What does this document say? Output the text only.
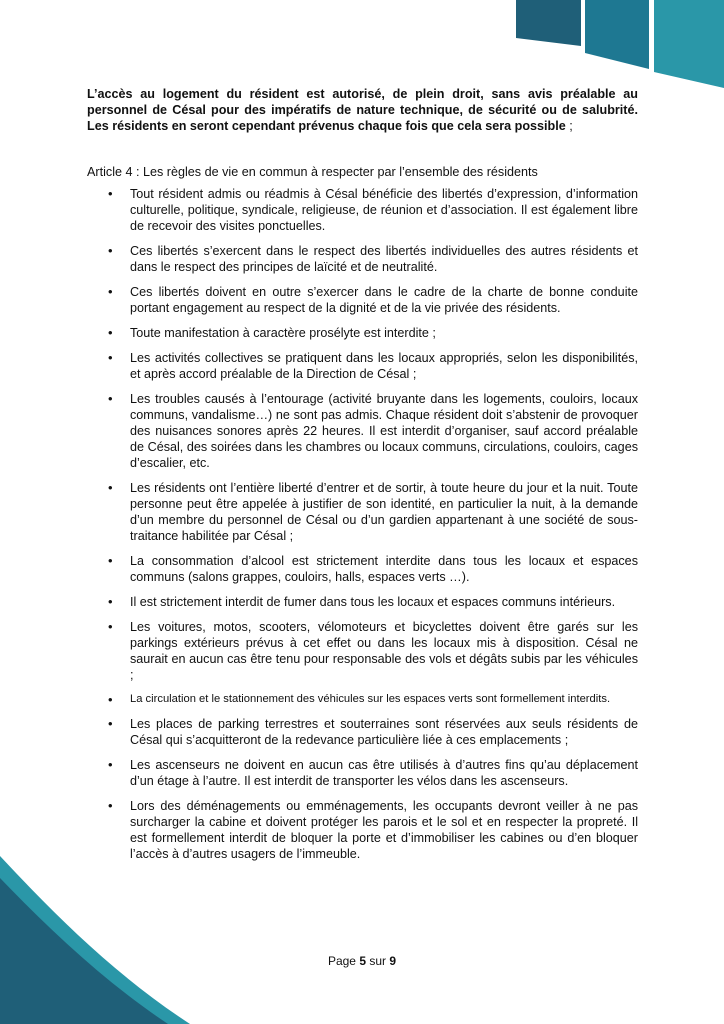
L’accès au logement du résident est autorisé, de plein droit, sans avis préalable au personnel de Césal pour des impératifs de nature technique, de sécurité ou de salubrité. Les résidents en seront cependant prévenus chaque fois que cela sera possible ;

Article 4 : Les règles de vie en commun à respecter par l’ensemble des résidents
• Tout résident admis ou réadmis à Césal bénéficie des libertés d’expression, d’information culturelle, politique, syndicale, religieuse, de réunion et d’association. Il est également libre de recevoir des visites ponctuelles.
• Ces libertés s’exercent dans le respect des libertés individuelles des autres résidents et dans le respect des principes de laïcité et de neutralité.
• Ces libertés doivent en outre s’exercer dans le cadre de la charte de bonne conduite portant engagement au respect de la dignité et de la vie privée des résidents.
• Toute manifestation à caractère prosélyte est interdite ;
• Les activités collectives se pratiquent dans les locaux appropriés, selon les disponibilités, et après accord préalable de la Direction de Césal ;
• Les troubles causés à l’entourage (activité bruyante dans les logements, couloirs, locaux communs, vandalisme…) ne sont pas admis. Chaque résident doit s’abstenir de provoquer des nuisances sonores après 22 heures. Il est interdit d’organiser, sauf accord préalable de Césal, des soirées dans les chambres ou locaux communs, circulations, couloirs, cages d’escalier, etc.
• Les résidents ont l’entière liberté d’entrer et de sortir, à toute heure du jour et la nuit. Toute personne peut être appelée à justifier de son identité, en particulier la nuit, à la demande d’un membre du personnel de Césal ou d’un gardien appartenant à une société de sous-traitance habilitée par Césal ;
• La consommation d’alcool est strictement interdite dans tous les locaux et espaces communs (salons grappes, couloirs, halls, espaces verts …).
• Il est strictement interdit de fumer dans tous les locaux et espaces communs intérieurs.
• Les voitures, motos, scooters, vélomoteurs et bicyclettes doivent être garés sur les parkings extérieurs prévus à cet effet ou dans les locaux mis à disposition. Césal ne saurait en aucun cas être tenu pour responsable des vols et dégâts subis par les véhicules ;
• La circulation et le stationnement des véhicules sur les espaces verts sont formellement interdits.
• Les places de parking terrestres et souterraines sont réservées aux seuls résidents de Césal qui s’acquitteront de la redevance particulière liée à ces emplacements ;
• Les ascenseurs ne doivent en aucun cas être utilisés à d’autres fins qu’au déplacement d’un étage à l’autre. Il est interdit de transporter les vélos dans les ascenseurs.
• Lors des déménagements ou emménagements, les occupants devront veiller à ne pas surcharger la cabine et doivent protéger les parois et le sol et en respecter la propreté. Il est formellement interdit de bloquer la porte et d’immobiliser les cabines ou d’en bloquer l’accès à d’autres usagers de l’immeuble.
Page 5 sur 9
